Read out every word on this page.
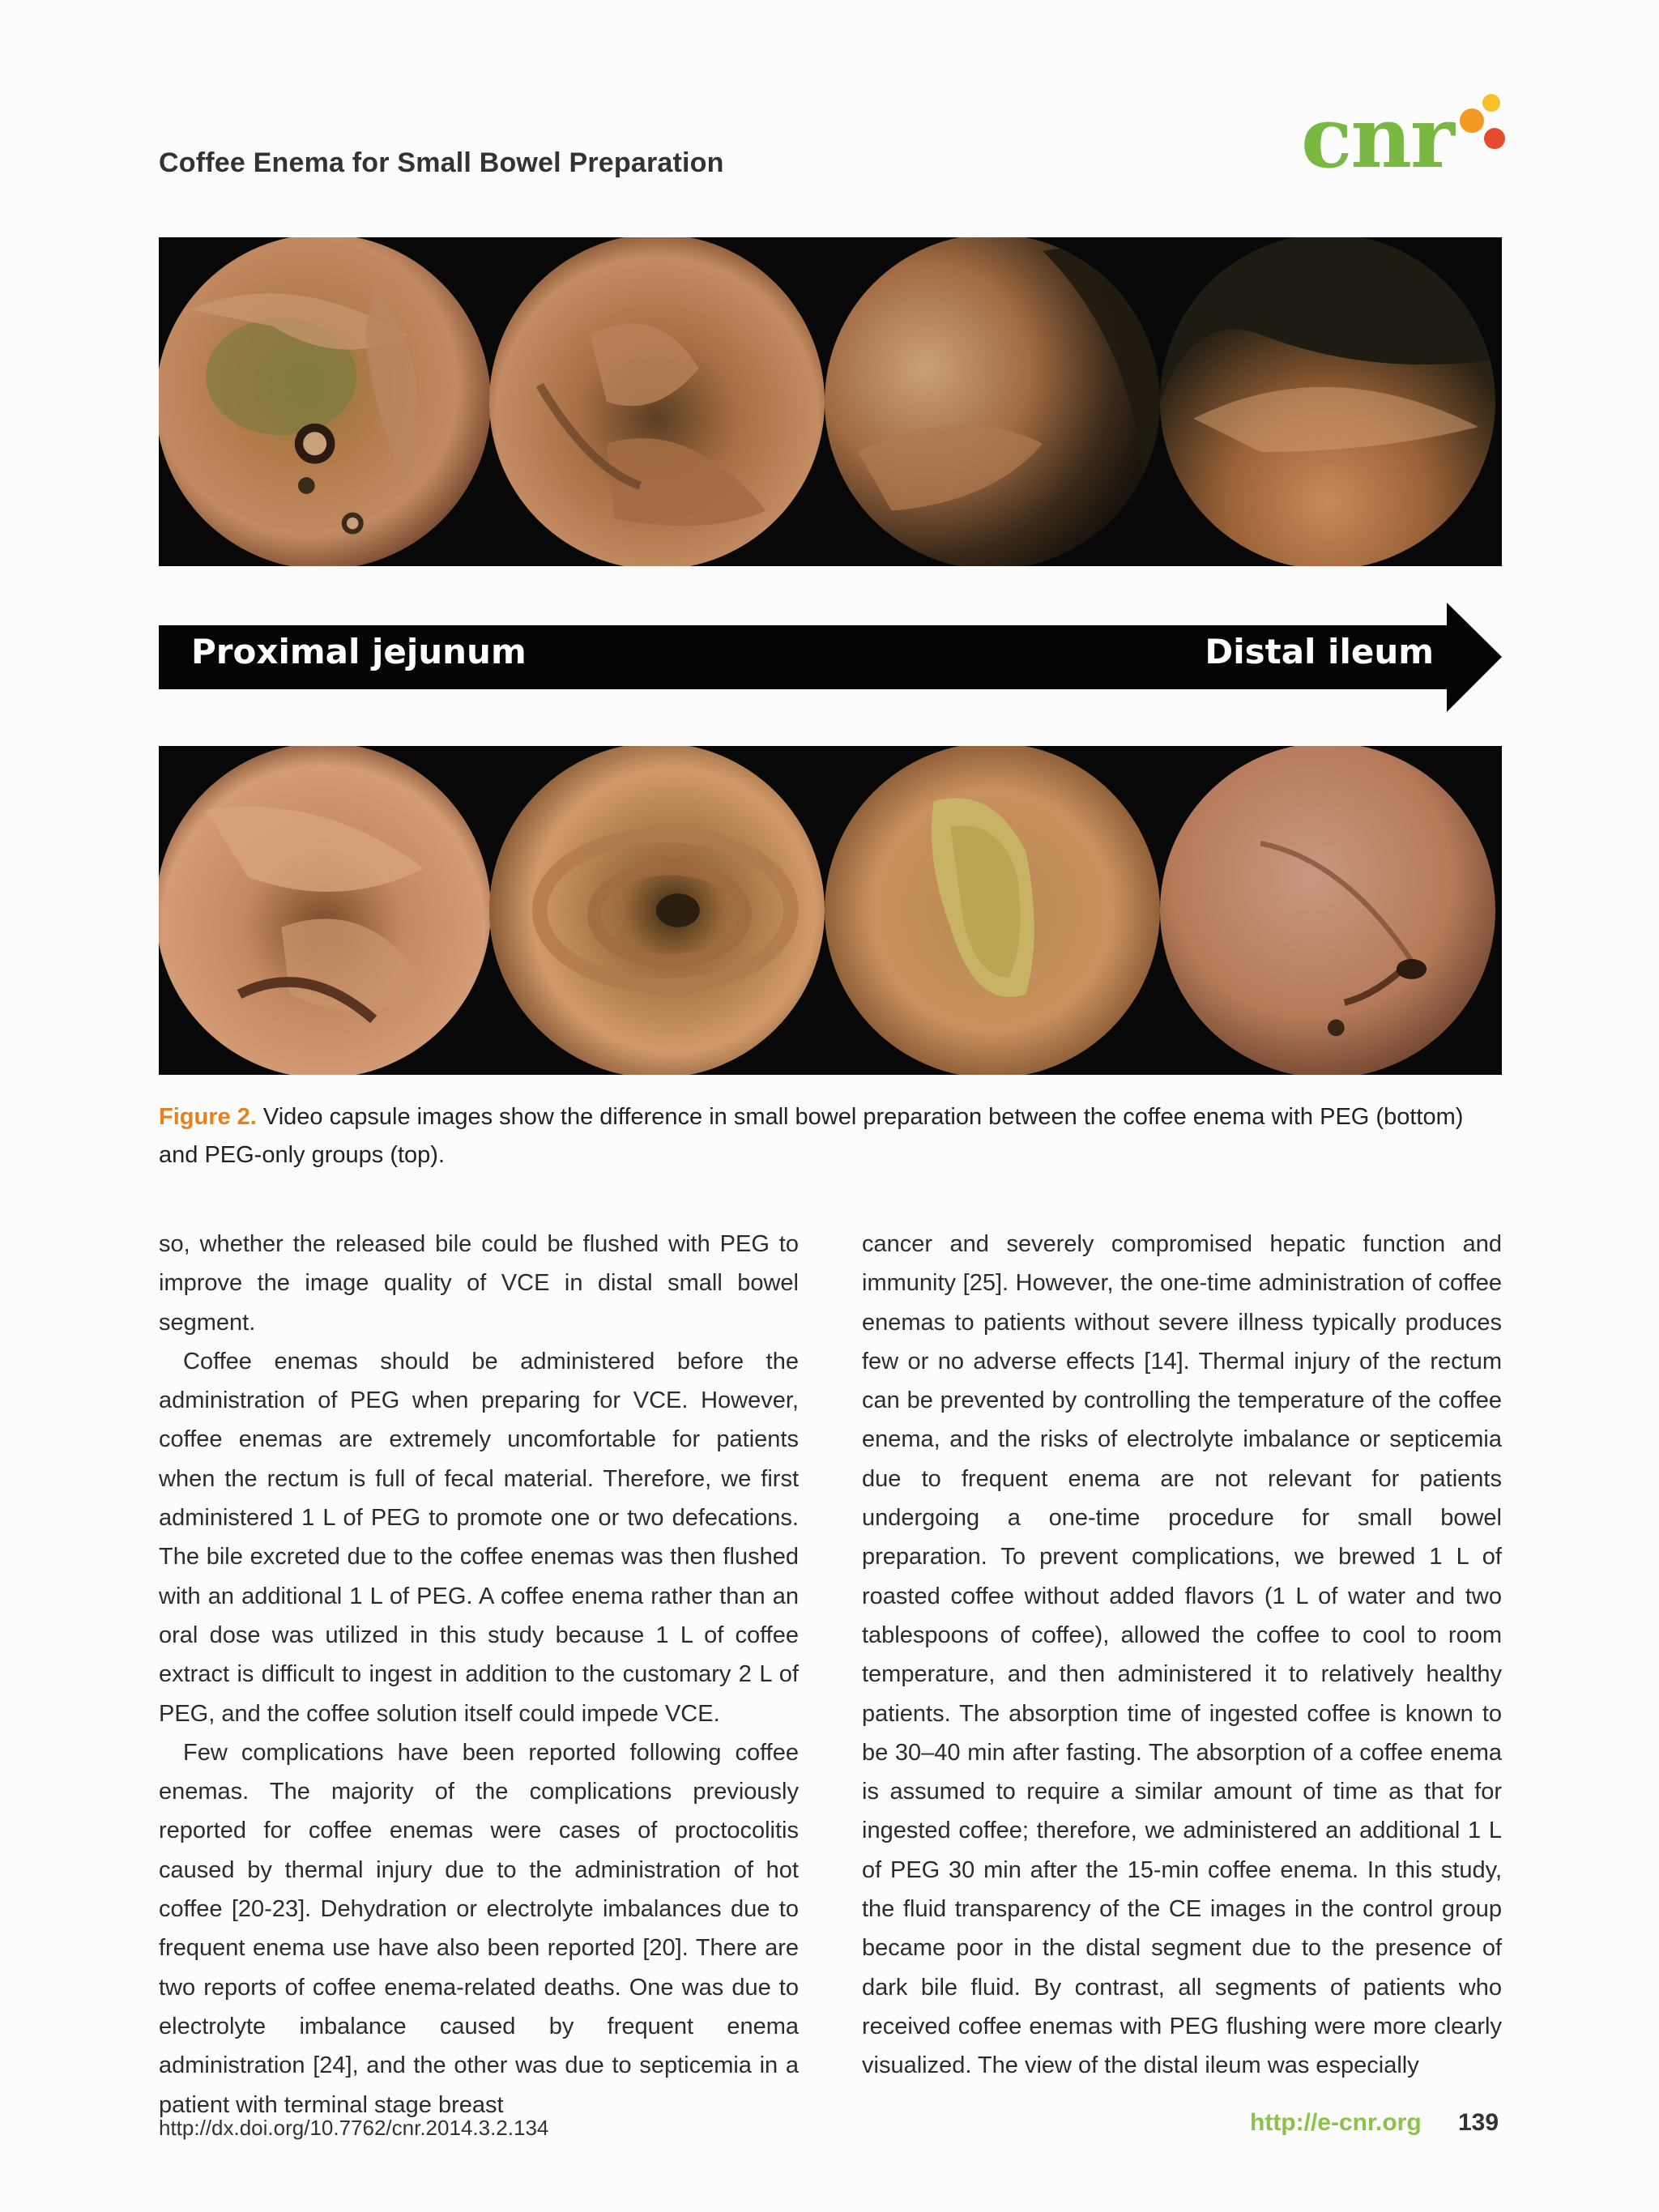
Coffee Enema for Small Bowel Preparation	cnr
Proximal jejunum	Distal ileum
Figure 2. Video capsule images show the difference in small bowel preparation between the coffee enema with PEG (bottom) and PEG-only groups (top).

so, whether the released bile could be flushed with PEG to improve the image quality of VCE in distal small bowel segment.

Coffee enemas should be administered before the administration of PEG when preparing for VCE. However, coffee enemas are extremely uncomfortable for patients when the rectum is full of fecal material. Therefore, we first administered 1 L of PEG to promote one or two defecations. The bile excreted due to the coffee enemas was then flushed with an additional 1 L of PEG. A coffee enema rather than an oral dose was utilized in this study because 1 L of coffee extract is difficult to ingest in addition to the customary 2 L of PEG, and the coffee solution itself could impede VCE.

Few complications have been reported following coffee enemas. The majority of the complications previously reported for coffee enemas were cases of proctocolitis caused by thermal injury due to the administration of hot coffee [20-23]. Dehydration or electrolyte imbalances due to frequent enema use have also been reported [20]. There are two reports of coffee enema-related deaths. One was due to electrolyte imbalance caused by frequent enema administration [24], and the other was due to septicemia in a patient with terminal stage breast

cancer and severely compromised hepatic function and immunity [25]. However, the one-time administration of coffee enemas to patients without severe illness typically produces few or no adverse effects [14]. Thermal injury of the rectum can be prevented by controlling the temperature of the coffee enema, and the risks of electrolyte imbalance or septicemia due to frequent enema are not relevant for patients undergoing a one-time procedure for small bowel preparation. To prevent complications, we brewed 1 L of roasted coffee without added flavors (1 L of water and two tablespoons of coffee), allowed the coffee to cool to room temperature, and then administered it to relatively healthy patients. The absorption time of ingested coffee is known to be 30–40 min after fasting. The absorption of a coffee enema is assumed to require a similar amount of time as that for ingested coffee; therefore, we administered an additional 1 L of PEG 30 min after the 15-min coffee enema. In this study, the fluid transparency of the CE images in the control group became poor in the distal segment due to the presence of dark bile fluid. By contrast, all segments of patients who received coffee enemas with PEG flushing were more clearly visualized. The view of the distal ileum was especially

http://dx.doi.org/10.7762/cnr.2014.3.2.134	http://e-cnr.org 139
